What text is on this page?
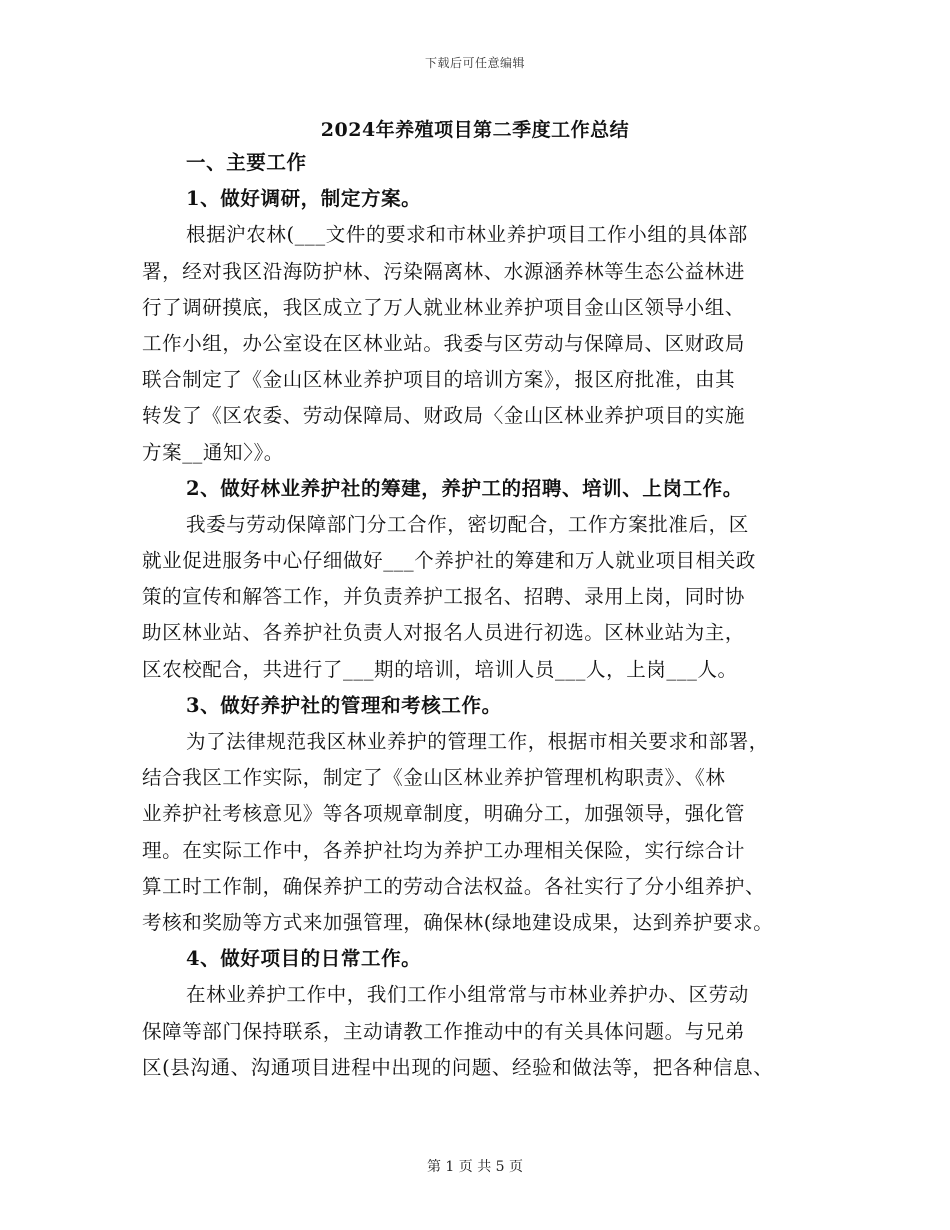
下载后可任意编辑
2024年养殖项目第二季度工作总结
一、主要工作
1、做好调研，制定方案。
根据沪农林(___文件的要求和市林业养护项目工作小组的具体部
署，经对我区沿海防护林、污染隔离林、水源涵养林等生态公益林进
行了调研摸底，我区成立了万人就业林业养护项目金山区领导小组、
工作小组，办公室设在区林业站。我委与区劳动与保障局、区财政局
联合制定了《金山区林业养护项目的培训方案》，报区府批准，由其
转发了《区农委、劳动保障局、财政局〈金山区林业养护项目的实施
方案__通知〉》。
2、做好林业养护社的筹建，养护工的招聘、培训、上岗工作。
我委与劳动保障部门分工合作，密切配合，工作方案批准后，区
就业促进服务中心仔细做好___个养护社的筹建和万人就业项目相关政
策的宣传和解答工作，并负责养护工报名、招聘、录用上岗，同时协
助区林业站、各养护社负责人对报名人员进行初选。区林业站为主，
区农校配合，共进行了___期的培训，培训人员___人，上岗___人。
3、做好养护社的管理和考核工作。
为了法律规范我区林业养护的管理工作，根据市相关要求和部署，
结合我区工作实际，制定了《金山区林业养护管理机构职责》、《林
业养护社考核意见》等各项规章制度，明确分工，加强领导，强化管
理。在实际工作中，各养护社均为养护工办理相关保险，实行综合计
算工时工作制，确保养护工的劳动合法权益。各社实行了分小组养护、
考核和奖励等方式来加强管理，确保林(绿地建设成果，达到养护要求。
4、做好项目的日常工作。
在林业养护工作中，我们工作小组常常与市林业养护办、区劳动
保障等部门保持联系，主动请教工作推动中的有关具体问题。与兄弟
区(县沟通、沟通项目进程中出现的问题、经验和做法等，把各种信息、
第 1 页 共 5 页
